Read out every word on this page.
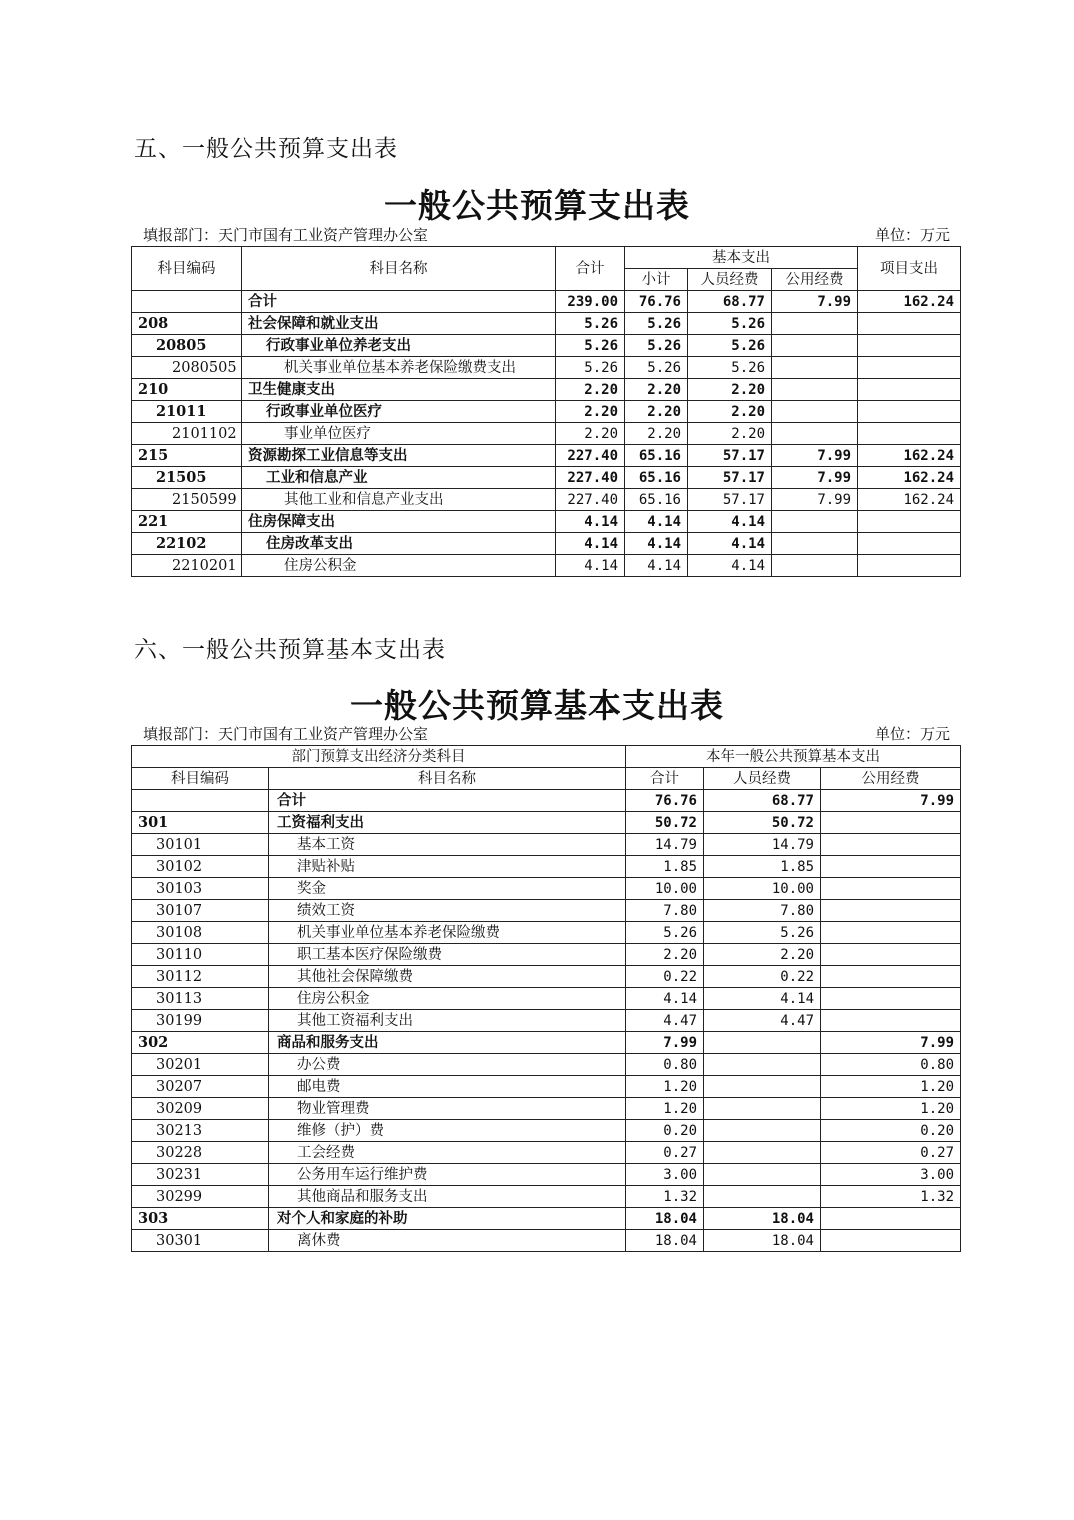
五、一般公共预算支出表
一般公共预算支出表
填报部门：天门市国有工业资产管理办公室	单位：万元
科目编码	科目名称	合计	基本支出			项目支出
			小计	人员经费	公用经费	
	合计	239.00	76.76	68.77	7.99	162.24
208	社会保障和就业支出	5.26	5.26	5.26		
20805	行政事业单位养老支出	5.26	5.26	5.26		
2080505	机关事业单位基本养老保险缴费支出	5.26	5.26	5.26		
210	卫生健康支出	2.20	2.20	2.20		
21011	行政事业单位医疗	2.20	2.20	2.20		
2101102	事业单位医疗	2.20	2.20	2.20		
215	资源勘探工业信息等支出	227.40	65.16	57.17	7.99	162.24
21505	工业和信息产业	227.40	65.16	57.17	7.99	162.24
2150599	其他工业和信息产业支出	227.40	65.16	57.17	7.99	162.24
221	住房保障支出	4.14	4.14	4.14		
22102	住房改革支出	4.14	4.14	4.14		
2210201	住房公积金	4.14	4.14	4.14		
六、一般公共预算基本支出表
一般公共预算基本支出表
填报部门：天门市国有工业资产管理办公室	单位：万元
部门预算支出经济分类科目		本年一般公共预算基本支出		
科目编码	科目名称	合计	人员经费	公用经费
	合计	76.76	68.77	7.99
301	工资福利支出	50.72	50.72	
30101	基本工资	14.79	14.79	
30102	津贴补贴	1.85	1.85	
30103	奖金	10.00	10.00	
30107	绩效工资	7.80	7.80	
30108	机关事业单位基本养老保险缴费	5.26	5.26	
30110	职工基本医疗保险缴费	2.20	2.20	
30112	其他社会保障缴费	0.22	0.22	
30113	住房公积金	4.14	4.14	
30199	其他工资福利支出	4.47	4.47	
302	商品和服务支出	7.99		7.99
30201	办公费	0.80		0.80
30207	邮电费	1.20		1.20
30209	物业管理费	1.20		1.20
30213	维修（护）费	0.20		0.20
30228	工会经费	0.27		0.27
30231	公务用车运行维护费	3.00		3.00
30299	其他商品和服务支出	1.32		1.32
303	对个人和家庭的补助	18.04	18.04	
30301	离休费	18.04	18.04	
